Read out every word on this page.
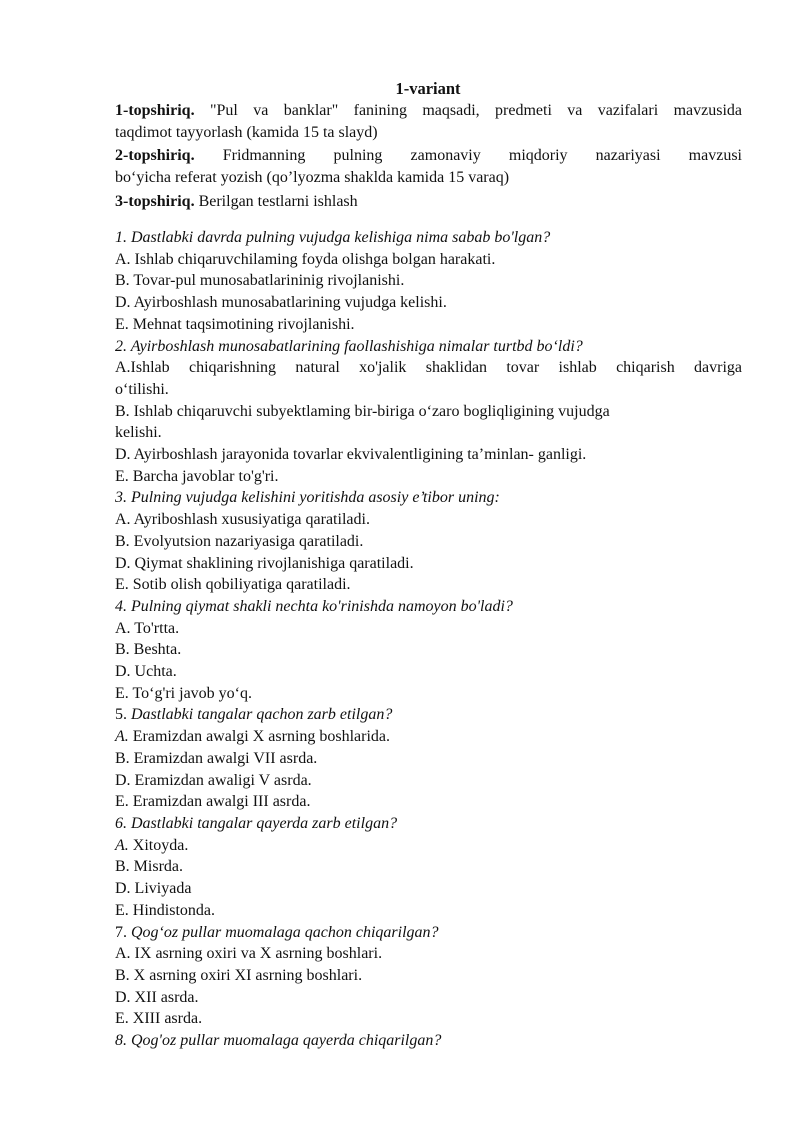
1-variant

1-topshiriq. "Pul va banklar" fanining maqsadi, predmeti va vazifalari mavzusida

taqdimot tayyorlash (kamida 15 ta slayd)

2-topshiriq. Fridmanning pulning zamonaviy miqdoriy nazariyasi mavzusi

bo‘yicha referat yozish (qo’lyozma shaklda kamida 15 varaq)

3-topshiriq. Berilgan testlarni ishlash

1. Dastlabki davrda pulning vujudga kelishiga nima sabab bo'lgan?

A. Ishlab chiqaruvchilaming foyda olishga bolgan harakati.

B. Tovar-pul munosabatlarininig rivojlanishi.

D. Ayirboshlash munosabatlarining vujudga kelishi.

E. Mehnat taqsimotining rivojlanishi.

2. Ayirboshlash munosabatlarining faollashishiga nimalar turtbd bo‘ldi?

A.Ishlab chiqarishning natural xo'jalik shaklidan tovar ishlab chiqarish davriga

o‘tilishi.

B. Ishlab chiqaruvchi subyektlaming bir-biriga o‘zaro bogliqligining vujudga

kelishi.

D. Ayirboshlash jarayonida tovarlar ekvivalentligining ta’minlan- ganligi.

E. Barcha javoblar to'g'ri.

3. Pulning vujudga kelishini yoritishda asosiy e’tibor uning:

A. Ayriboshlash xususiyatiga qaratiladi.

B. Evolyutsion nazariyasiga qaratiladi.

D. Qiymat shaklining rivojlanishiga qaratiladi.

E. Sotib olish qobiliyatiga qaratiladi.

4. Pulning qiymat shakli nechta ko'rinishda namoyon bo'ladi?

A. To'rtta.

B. Beshta.

D. Uchta.

E. To‘g'ri javob yo‘q.

5. Dastlabki tangalar qachon zarb etilgan?

A. Eramizdan awalgi X asrning boshlarida.

B. Eramizdan awalgi VII asrda.

D. Eramizdan awaligi V asrda.

E. Eramizdan awalgi III asrda.

6. Dastlabki tangalar qayerda zarb etilgan?

A. Xitoyda.

B. Misrda.

D. Liviyada

E. Hindistonda.

7. Qog‘oz pullar muomalaga qachon chiqarilgan?

A. IX asrning oxiri va X asrning boshlari.

B. X asrning oxiri XI asrning boshlari.

D. XII asrda.

E. XIII asrda.

8. Qog'oz pullar muomalaga qayerda chiqarilgan?
